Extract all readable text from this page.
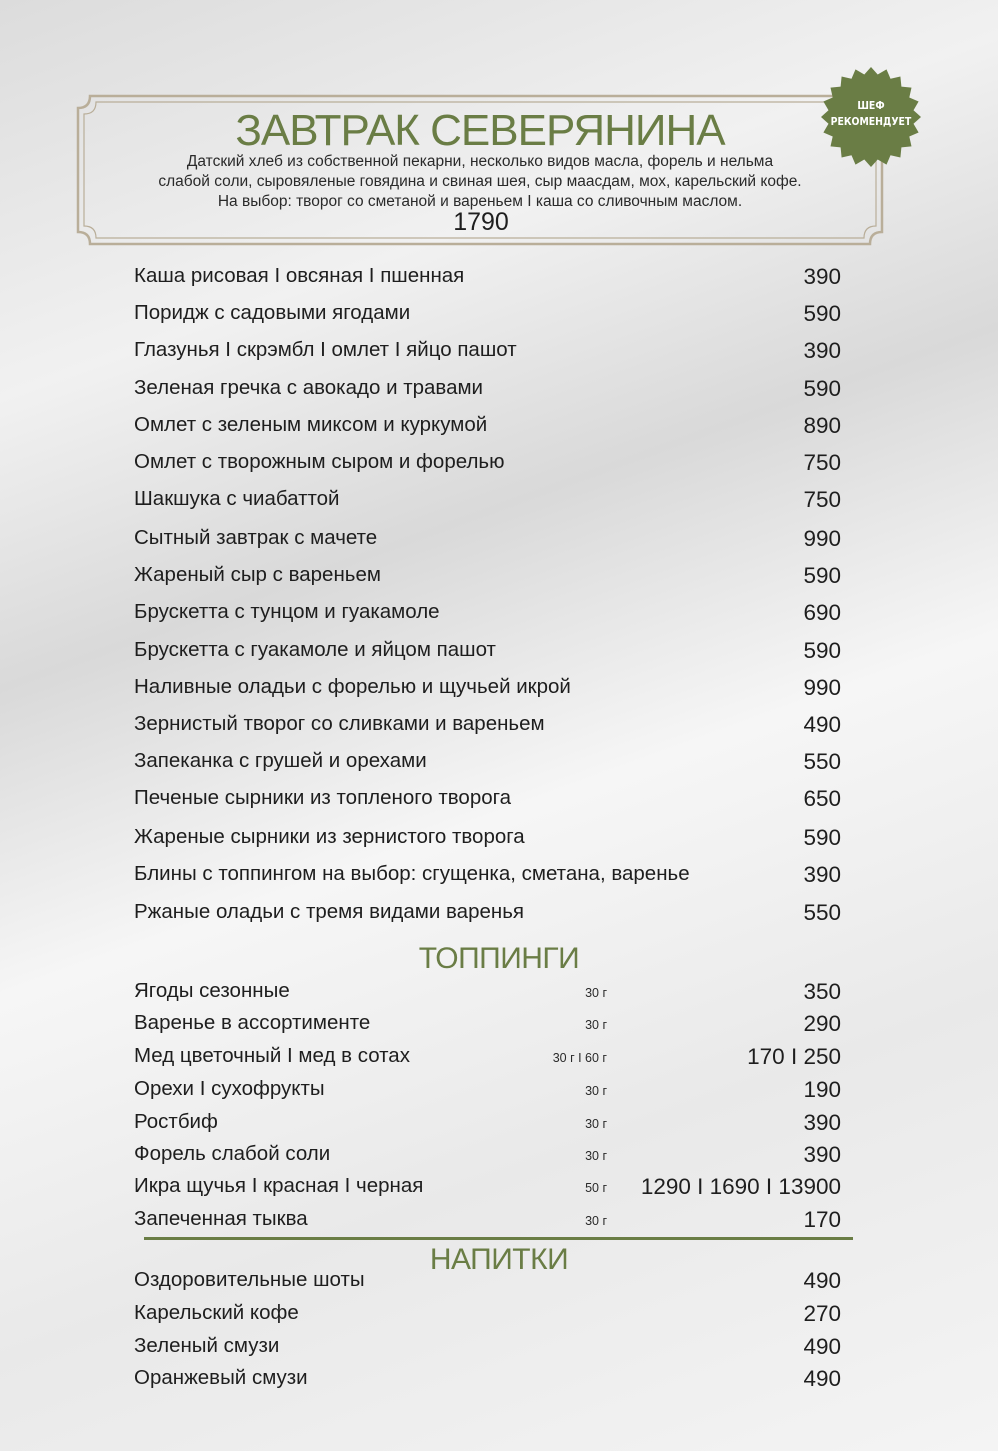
ЗАВТРАК СЕВЕРЯНИНА
Датский хлеб из собственной пекарни, несколько видов масла, форель и нельма
слабой соли, сыровяленые говядина и свиная шея, сыр маасдам, мох, карельский кофе.
На выбор: творог со сметаной и вареньем I каша со сливочным маслом.
1790
ШЕФ
РЕКОМЕНДУЕТ
Каша рисовая I овсяная I пшенная	390
Поридж с садовыми ягодами	590
Глазунья I скрэмбл I омлет I яйцо пашот	390
Зеленая гречка с авокадо и травами	590
Омлет с зеленым миксом и куркумой	890
Омлет с творожным сыром и форелью	750
Шакшука с чиабаттой	750
Сытный завтрак с мачете	990
Жареный сыр с вареньем	590
Брускетта с тунцом и гуакамоле	690
Брускетта с гуакамоле и яйцом пашот	590
Наливные оладьи с форелью и щучьей икрой	990
Зернистый творог со сливками и вареньем	490
Запеканка с грушей и орехами	550
Печеные сырники из топленого творога	650
Жареные сырники из зернистого творога	590
Блины с топпингом на выбор: сгущенка, сметана, варенье	390
Ржаные оладьи с тремя видами варенья	550
ТОППИНГИ
Ягоды сезонные	30 г	350
Варенье в ассортименте	30 г	290
Мед цветочный I мед в сотах	30 г I 60 г	170 I 250
Орехи I сухофрукты	30 г	190
Ростбиф	30 г	390
Форель слабой соли	30 г	390
Икра щучья I красная I черная	50 г 1290 I 1690 I 13900
Запеченная тыква	30 г	170
НАПИТКИ
Оздоровительные шоты	490
Карельский кофе	270
Зеленый смузи	490
Оранжевый смузи	490
